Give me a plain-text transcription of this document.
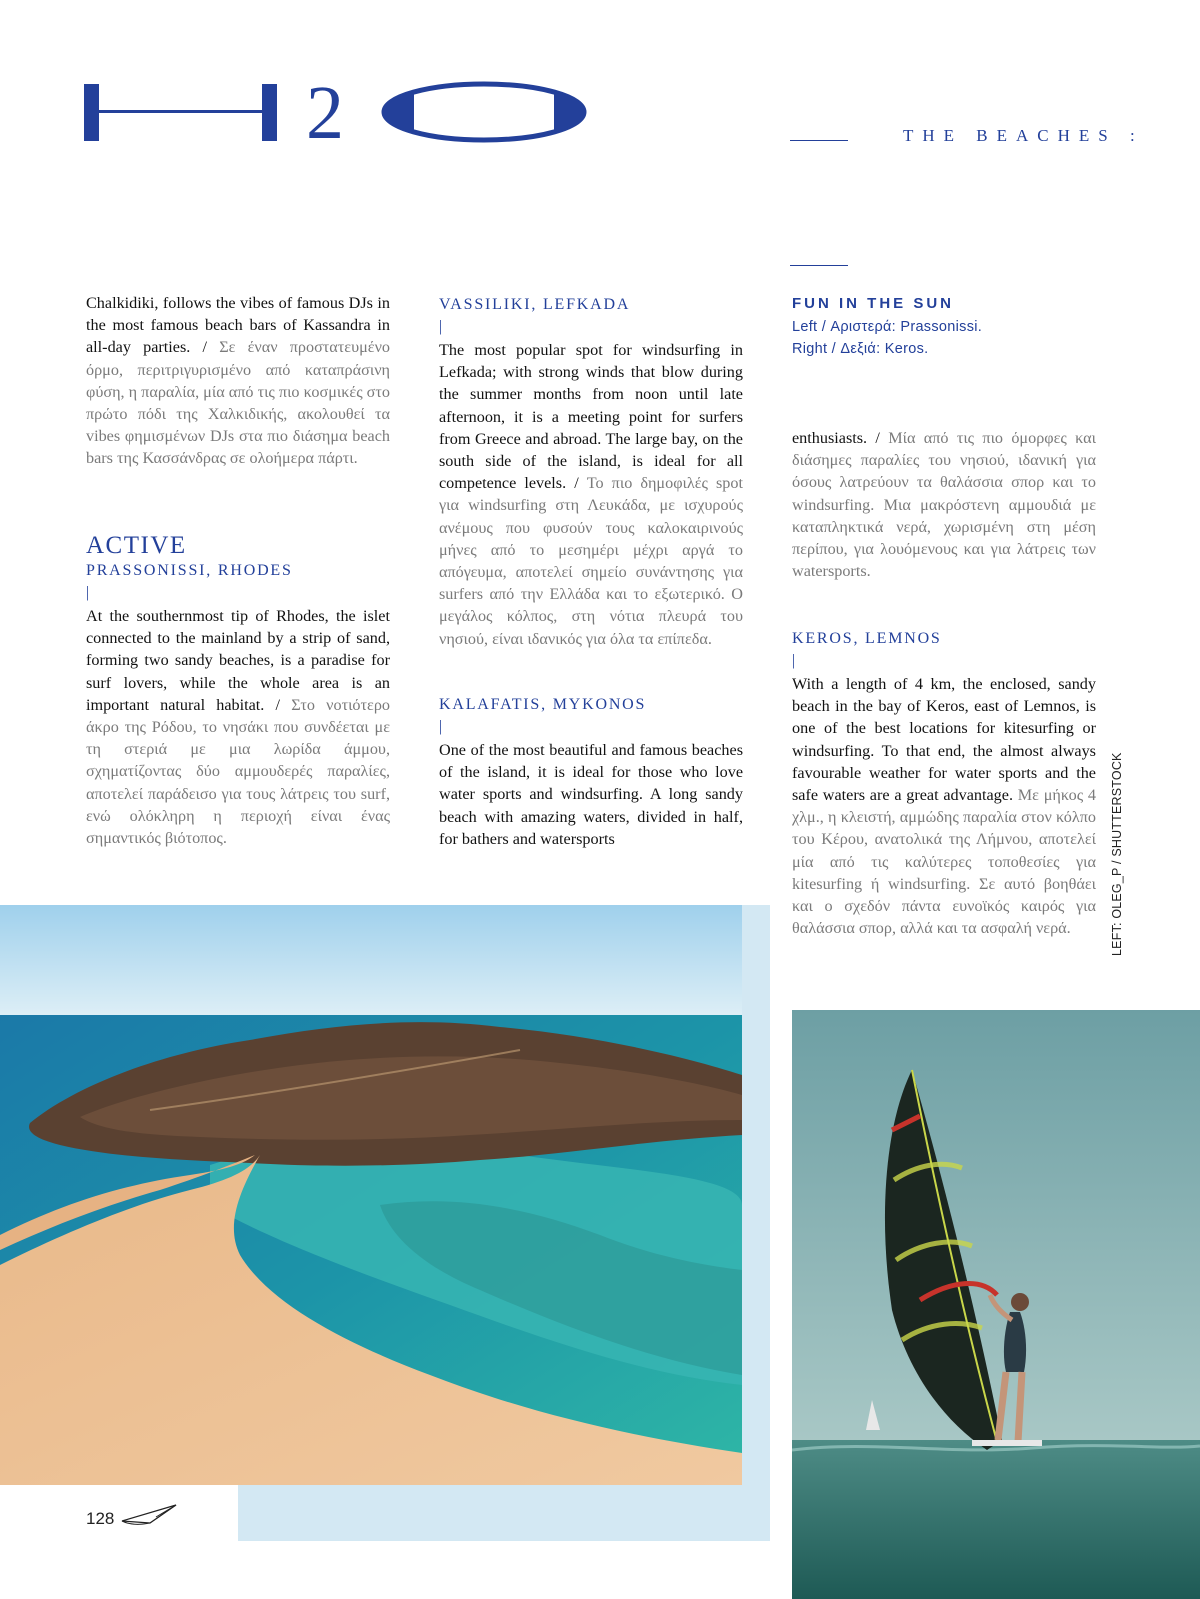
2	THE BEACHES :
Chalkidiki, follows the vibes of famous DJs in the most famous beach bars of Kassandra in all-day parties. / Σε έναν προστατευμένο όρμο, περιτριγυρισμένο από καταπράσινη φύση, η παραλία, μία από τις πιο κοσμικές στο πρώτο πόδι της Χαλκιδικής, ακολουθεί τα vibes φημισμένων DJs στα πιο διάσημα beach bars της Κασσάνδρας σε ολοήμερα πάρτι.
ACTIVE
PRASSONISSI, RHODES
|
At the southernmost tip of Rhodes, the islet connected to the mainland by a strip of sand, forming two sandy beaches, is a paradise for surf lovers, while the whole area is an important natural habitat. / Στο νοτιότερο άκρο της Ρόδου, το νησάκι που συνδέεται με τη στεριά με μια λωρίδα άμμου, σχηματίζοντας δύο αμμουδερές παραλίες, αποτελεί παράδεισο για τους λάτρεις του surf, ενώ ολόκληρη η περιοχή είναι ένας σημαντικός βιότοπος.
VASSILIKI, LEFKADA
|
The most popular spot for windsurfing in Lefkada; with strong winds that blow during the summer months from noon until late afternoon, it is a meeting point for surfers from Greece and abroad. The large bay, on the south side of the island, is ideal for all competence levels. / Το πιο δημοφιλές spot για windsurfing στη Λευκάδα, με ισχυρούς ανέμους που φυσούν τους καλοκαιρινούς μήνες από το μεσημέρι μέχρι αργά το απόγευμα, αποτελεί σημείο συνάντησης για surfers από την Ελλάδα και το εξωτερικό. Ο μεγάλος κόλπος, στη νότια πλευρά του νησιού, είναι ιδανικός για όλα τα επίπεδα.
KALAFATIS, MYKONOS
|
One of the most beautiful and famous beaches of the island, it is ideal for those who love water sports and windsurfing. A long sandy beach with amazing waters, divided in half, for bathers and watersports
FUN IN THE SUN
Left / Αριστερά: Prassonissi.
Right / Δεξιά: Keros.
enthusiasts. / Μία από τις πιο όμορφες και διάσημες παραλίες του νησιού, ιδανική για όσους λατρεύουν τα θαλάσσια σπορ και το windsurfing. Μια μακρόστενη αμμουδιά με καταπληκτικά νερά, χωρισμένη στη μέση περίπου, για λουόμενους και για λάτρεις των watersports.
KEROS, LEMNOS
|
With a length of 4 km, the enclosed, sandy beach in the bay of Keros, east of Lemnos, is one of the best locations for kitesurfing or windsurfing. To that end, the almost always favourable weather for water sports and the safe waters are a great advantage. Με μήκος 4 χλμ., η κλειστή, αμμώδης παραλία στον κόλπο του Κέρου, ανατολικά της Λήμνου, αποτελεί μία από τις καλύτερες τοποθεσίες για kitesurfing ή windsurfing. Σε αυτό βοηθάει και ο σχεδόν πάντα ευνοϊκός καιρός για θαλάσσια σπορ, αλλά και τα ασφαλή νερά.	LEFT: OLEG_P / SHUTTERSTOCK
128
